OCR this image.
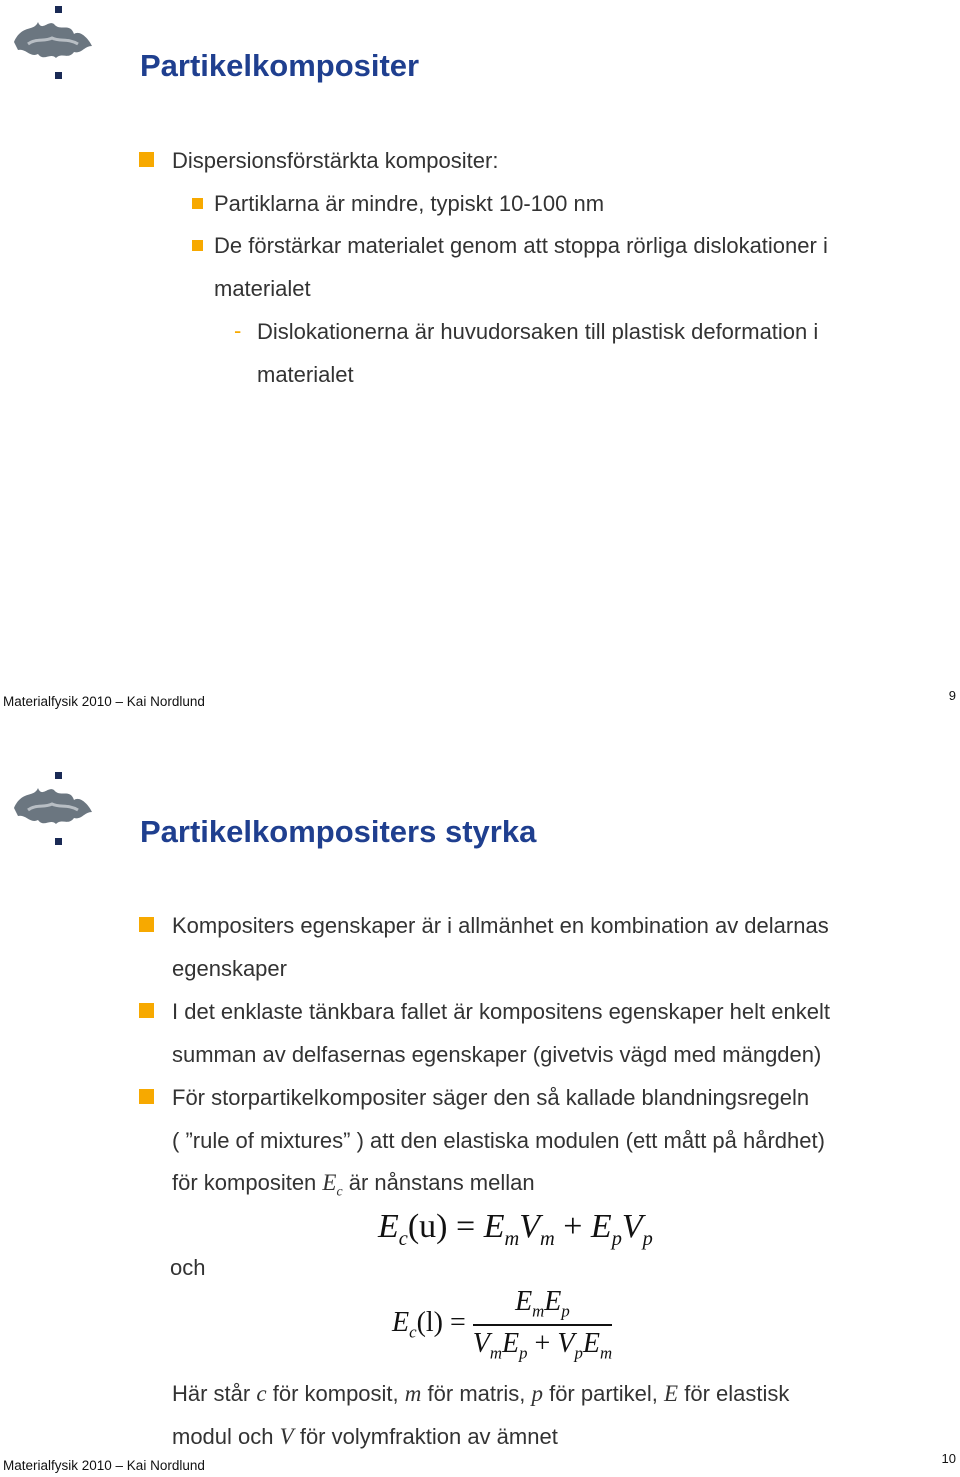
Partikelkompositer
Dispersionsförstärkta kompositer:
Partiklarna är mindre, typiskt 10-100 nm
De förstärkar materialet genom att stoppa rörliga dislokationer i
materialet
- Dislokationerna är huvudorsaken till plastisk deformation i
materialet
Materialfysik 2010 – Kai Nordlund	9
Partikelkompositers styrka
Kompositers egenskaper är i allmänhet en kombination av delarnas
egenskaper
I det enklaste tänkbara fallet är kompositens egenskaper helt enkelt
summan av delfasernas egenskaper (givetvis vägd med mängden)
För storpartikelkompositer säger den så kallade blandningsregeln
( ”rule of mixtures” ) att den elastiska modulen (ett mått på hårdhet)
för kompositen $E_c$ är nånstans mellan
och
$E_c(u) = E_mV_m + E_pV_p$
$E_c(l) = \frac{E_mE_p}{V_mE_p + V_pE_m}$
Här står c för komposit, m för matris, p för partikel, E för elastisk
modul och V för volymfraktion av ämnet
Materialfysik 2010 – Kai Nordlund	10
